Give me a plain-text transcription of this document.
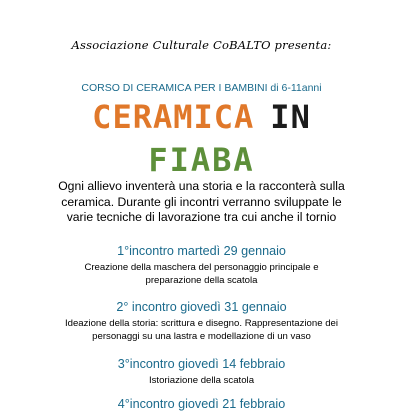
Associazione Culturale CoBALTO presenta:
CORSO DI CERAMICA PER I BAMBINI di 6-11anni
CERAMICA IN
FIABA
Ogni allievo inventerà una storia e la racconterà sulla
ceramica. Durante gli incontri verranno sviluppate le
varie tecniche di lavorazione tra cui anche il tornio
1°incontro martedì 29 gennaio
Creazione della maschera del personaggio principale e
preparazione della scatola
2° incontro giovedì 31 gennaio
Ideazione della storia: scrittura e disegno. Rappresentazione dei
personaggi su una lastra e modellazione di un vaso
3°incontro giovedì 14 febbraio
Istoriazione della scatola
4°incontro giovedì 21 febbraio
